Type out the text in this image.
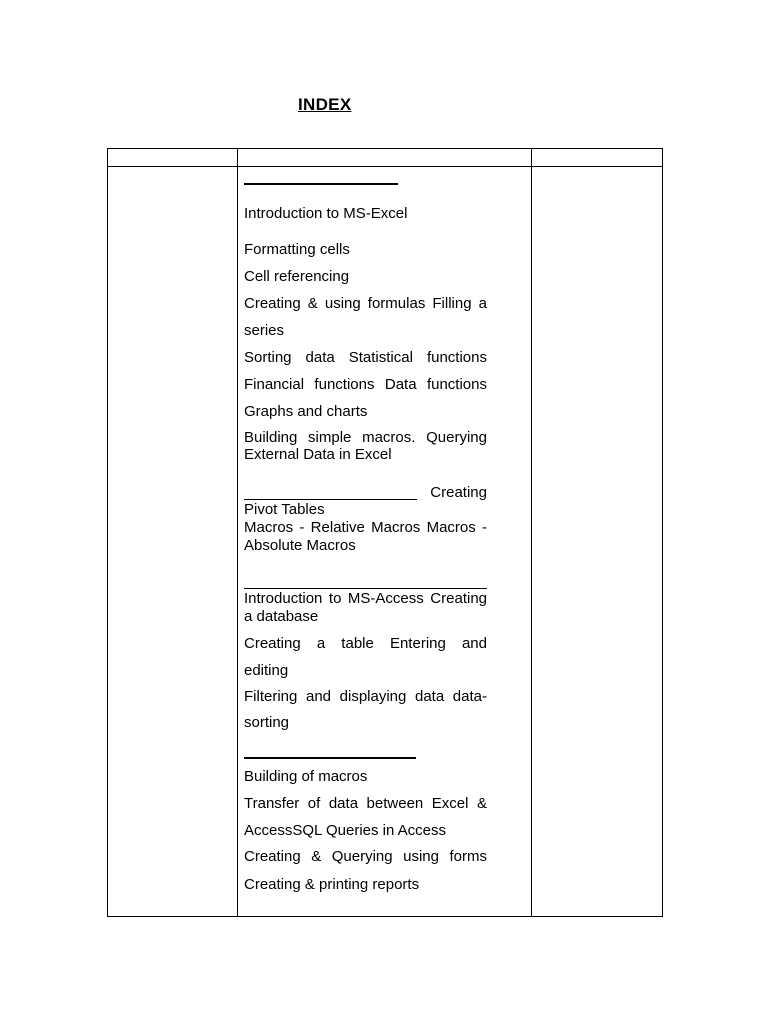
INDEX
Introduction to MS-Excel
Formatting cells
Cell referencing
Creating & using formulas Filling a
series
Sorting data Statistical functions
Financial functions Data functions
Graphs and charts
Building simple macros. Querying
External Data in Excel
Creating
Pivot Tables
Macros - Relative Macros Macros -
Absolute Macros
Introduction to MS-Access Creating
a database
Creating a table Entering and
editing
Filtering and displaying data data-
sorting
Building of macros
Transfer of data between Excel &
AccessSQL Queries in Access
Creating & Querying using forms
Creating & printing reports
